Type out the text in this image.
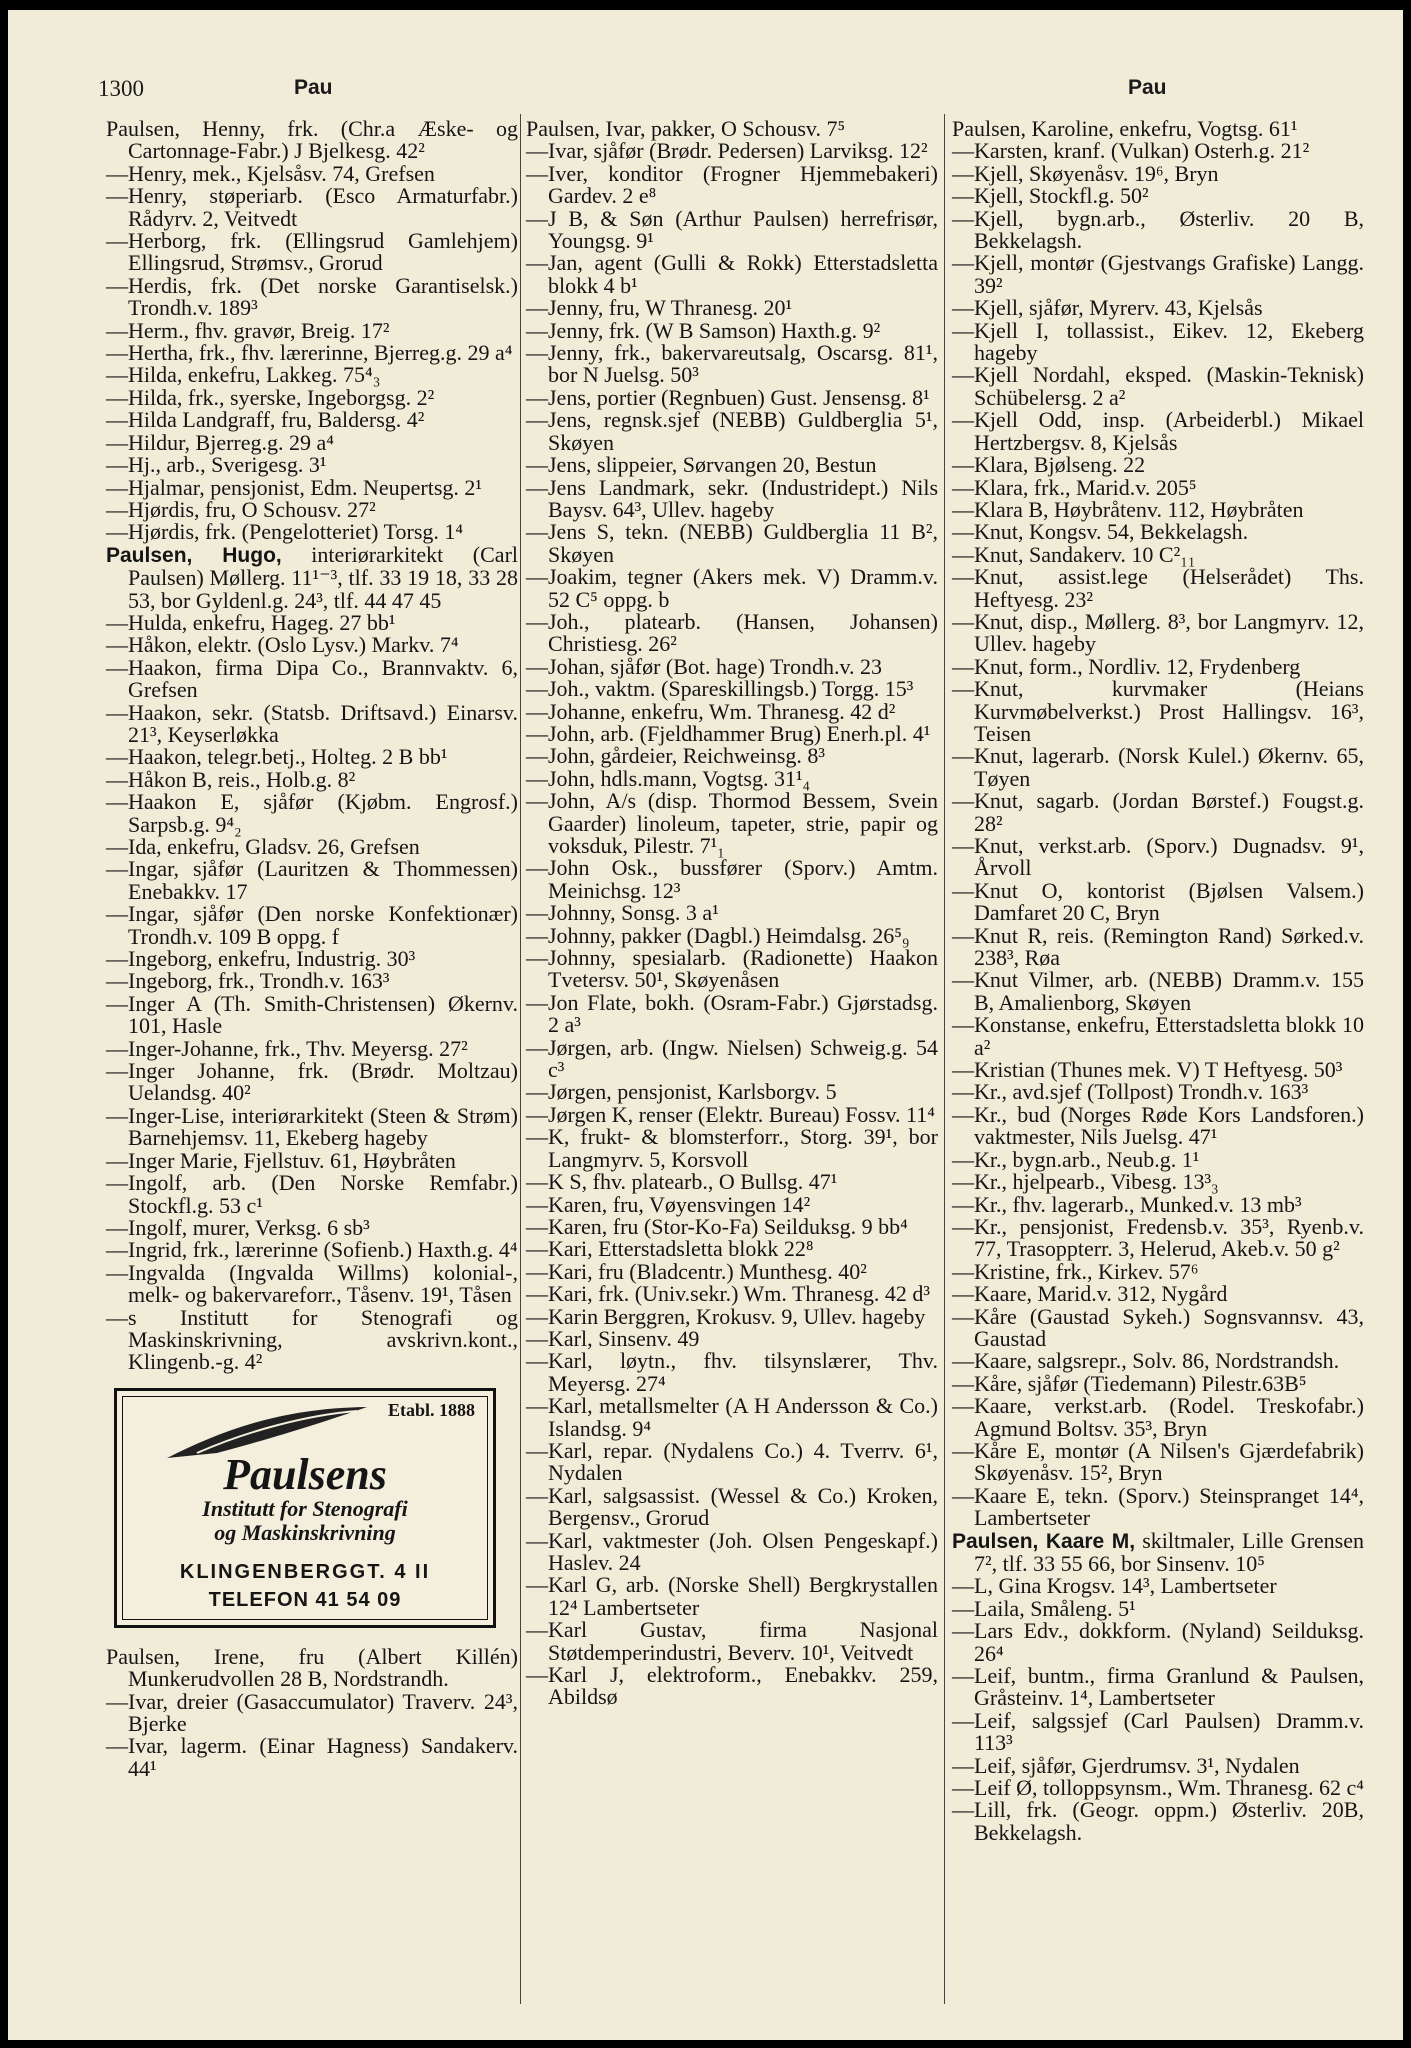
1300	Pau	Pau
Paulsen, Henny, frk. (Chr.a Æske- og Cartonnage-Fabr.) J Bjelkesg. 42²
—Henry, mek., Kjelsåsv. 74, Grefsen
—Henry, støperiarb. (Esco Armaturfabr.) Rådyrv. 2, Veitvedt
—Herborg, frk. (Ellingsrud Gamlehjem) Ellingsrud, Strømsv., Grorud
—Herdis, frk. (Det norske Garantiselsk.) Trondh.v. 189³
—Herm., fhv. gravør, Breig. 17²
—Hertha, frk., fhv. lærerinne, Bjerreg.g. 29 a⁴
—Hilda, enkefru, Lakkeg. 75⁴₃
—Hilda, frk., syerske, Ingeborgsg. 2²
—Hilda Landgraff, fru, Baldersg. 4²
—Hildur, Bjerreg.g. 29 a⁴
—Hj., arb., Sverigesg. 3¹
—Hjalmar, pensjonist, Edm. Neupertsg. 2¹
—Hjørdis, fru, O Schousv. 27²
—Hjørdis, frk. (Pengelotteriet) Torsg. 1⁴
Paulsen, Hugo, interiørarkitekt (Carl Paulsen) Møllerg. 11¹⁻³, tlf. 33 19 18, 33 28 53, bor Gyldenl.g. 24³, tlf. 44 47 45
—Hulda, enkefru, Hageg. 27 bb¹
—Håkon, elektr. (Oslo Lysv.) Markv. 7⁴
—Haakon, firma Dipa Co., Brannvaktv. 6, Grefsen
—Haakon, sekr. (Statsb. Driftsavd.) Einarsv. 21³, Keyserløkka
—Haakon, telegr.betj., Holteg. 2 B bb¹
—Håkon B, reis., Holb.g. 8²
—Haakon E, sjåfør (Kjøbm. Engrosf.) Sarpsb.g. 9⁴₂
—Ida, enkefru, Gladsv. 26, Grefsen
—Ingar, sjåfør (Lauritzen & Thommessen) Enebakkv. 17
—Ingar, sjåfør (Den norske Konfektionær) Trondh.v. 109 B oppg. f
—Ingeborg, enkefru, Industrig. 30³
—Ingeborg, frk., Trondh.v. 163³
—Inger A (Th. Smith-Christensen) Økernv. 101, Hasle
—Inger-Johanne, frk., Thv. Meyersg. 27²
—Inger Johanne, frk. (Brødr. Moltzau) Uelandsg. 40²
—Inger-Lise, interiørarkitekt (Steen & Strøm) Barnehjemsv. 11, Ekeberg hageby
—Inger Marie, Fjellstuv. 61, Høybråten
—Ingolf, arb. (Den Norske Remfabr.) Stockfl.g. 53 c¹
—Ingolf, murer, Verksg. 6 sb³
—Ingrid, frk., lærerinne (Sofienb.) Haxth.g. 4⁴
—Ingvalda (Ingvalda Willms) kolonial-, melk- og bakervareforr., Tåsenv. 19¹, Tåsen
—s Institutt for Stenografi og Maskinskrivning, avskrivn.kont., Klingenb.-g. 4²
Etabl. 1888
Paulsens
Institutt for Stenografi
og Maskinskrivning
KLINGENBERGGT. 4 II
TELEFON 41 54 09
Paulsen, Irene, fru (Albert Killén) Munkerudvollen 28 B, Nordstrandh.
—Ivar, dreier (Gasaccumulator) Traverv. 24³, Bjerke
—Ivar, lagerm. (Einar Hagness) Sandakerv. 44¹
Paulsen, Ivar, pakker, O Schousv. 7⁵
—Ivar, sjåfør (Brødr. Pedersen) Larviksg. 12²
—Iver, konditor (Frogner Hjemmebakeri) Gardev. 2 e⁸
—J B, & Søn (Arthur Paulsen) herrefrisør, Youngsg. 9¹
—Jan, agent (Gulli & Rokk) Etterstadsletta blokk 4 b¹
—Jenny, fru, W Thranesg. 20¹
—Jenny, frk. (W B Samson) Haxth.g. 9²
—Jenny, frk., bakervareutsalg, Oscarsg. 81¹, bor N Juelsg. 50³
—Jens, portier (Regnbuen) Gust. Jensensg. 8¹
—Jens, regnsk.sjef (NEBB) Guldberglia 5¹, Skøyen
—Jens, slippeier, Sørvangen 20, Bestun
—Jens Landmark, sekr. (Industridept.) Nils Baysv. 64³, Ullev. hageby
—Jens S, tekn. (NEBB) Guldberglia 11 B², Skøyen
—Joakim, tegner (Akers mek. V) Dramm.v. 52 C⁵ oppg. b
—Joh., platearb. (Hansen, Johansen) Christiesg. 26²
—Johan, sjåfør (Bot. hage) Trondh.v. 23
—Joh., vaktm. (Spareskillingsb.) Torgg. 15³
—Johanne, enkefru, Wm. Thranesg. 42 d²
—John, arb. (Fjeldhammer Brug) Enerh.pl. 4¹
—John, gårdeier, Reichweinsg. 8³
—John, hdls.mann, Vogtsg. 31¹₄
—John, A/s (disp. Thormod Bessem, Svein Gaarder) linoleum, tapeter, strie, papir og voksduk, Pilestr. 7¹₁
—John Osk., bussfører (Sporv.) Amtm. Meinichsg. 12³
—Johnny, Sonsg. 3 a¹
—Johnny, pakker (Dagbl.) Heimdalsg. 26⁵₉
—Johnny, spesialarb. (Radionette) Haakon Tvetersv. 50¹, Skøyenåsen
—Jon Flate, bokh. (Osram-Fabr.) Gjørstadsg. 2 a³
—Jørgen, arb. (Ingw. Nielsen) Schweig.g. 54 c³
—Jørgen, pensjonist, Karlsborgv. 5
—Jørgen K, renser (Elektr. Bureau) Fossv. 11⁴
—K, frukt- & blomsterforr., Storg. 39¹, bor Langmyrv. 5, Korsvoll
—K S, fhv. platearb., O Bullsg. 47¹
—Karen, fru, Vøyensvingen 14²
—Karen, fru (Stor-Ko-Fa) Seilduksg. 9 bb⁴
—Kari, Etterstadsletta blokk 22⁸
—Kari, fru (Bladcentr.) Munthesg. 40²
—Kari, frk. (Univ.sekr.) Wm. Thranesg. 42 d³
—Karin Berggren, Krokusv. 9, Ullev. hageby
—Karl, Sinsenv. 49
—Karl, løytn., fhv. tilsynslærer, Thv. Meyersg. 27⁴
—Karl, metallsmelter (A H Andersson & Co.) Islandsg. 9⁴
—Karl, repar. (Nydalens Co.) 4. Tverrv. 6¹, Nydalen
—Karl, salgsassist. (Wessel & Co.) Kroken, Bergensv., Grorud
—Karl, vaktmester (Joh. Olsen Pengeskapf.) Haslev. 24
—Karl G, arb. (Norske Shell) Bergkrystallen 12⁴ Lambertseter
—Karl Gustav, firma Nasjonal Støtdemperindustri, Beverv. 10¹, Veitvedt
—Karl J, elektroform., Enebakkv. 259, Abildsø
Paulsen, Karoline, enkefru, Vogtsg. 61¹
—Karsten, kranf. (Vulkan) Osterh.g. 21²
—Kjell, Skøyenåsv. 19⁶, Bryn
—Kjell, Stockfl.g. 50²
—Kjell, bygn.arb., Østerliv. 20 B, Bekkelagsh.
—Kjell, montør (Gjestvangs Grafiske) Langg. 39²
—Kjell, sjåfør, Myrerv. 43, Kjelsås
—Kjell I, tollassist., Eikev. 12, Ekeberg hageby
—Kjell Nordahl, eksped. (Maskin-Teknisk) Schübelersg. 2 a²
—Kjell Odd, insp. (Arbeiderbl.) Mikael Hertzbergsv. 8, Kjelsås
—Klara, Bjølseng. 22
—Klara, frk., Marid.v. 205⁵
—Klara B, Høybråtenv. 112, Høybråten
—Knut, Kongsv. 54, Bekkelagsh.
—Knut, Sandakerv. 10 C²₁₁
—Knut, assist.lege (Helserådet) Ths. Heftyesg. 23²
—Knut, disp., Møllerg. 8³, bor Langmyrv. 12, Ullev. hageby
—Knut, form., Nordliv. 12, Frydenberg
—Knut, kurvmaker (Heians Kurvmøbelverkst.) Prost Hallingsv. 16³, Teisen
—Knut, lagerarb. (Norsk Kulel.) Økernv. 65, Tøyen
—Knut, sagarb. (Jordan Børstef.) Fougst.g. 28²
—Knut, verkst.arb. (Sporv.) Dugnadsv. 9¹, Årvoll
—Knut O, kontorist (Bjølsen Valsem.) Damfaret 20 C, Bryn
—Knut R, reis. (Remington Rand) Sørked.v. 238³, Røa
—Knut Vilmer, arb. (NEBB) Dramm.v. 155 B, Amalienborg, Skøyen
—Konstanse, enkefru, Etterstadsletta blokk 10 a²
—Kristian (Thunes mek. V) T Heftyesg. 50³
—Kr., avd.sjef (Tollpost) Trondh.v. 163³
—Kr., bud (Norges Røde Kors Landsforen.) vaktmester, Nils Juelsg. 47¹
—Kr., bygn.arb., Neub.g. 1¹
—Kr., hjelpearb., Vibesg. 13³₃
—Kr., fhv. lagerarb., Munked.v. 13 mb³
—Kr., pensjonist, Fredensb.v. 35³, Ryenb.v. 77, Trasoppterr. 3, Helerud, Akeb.v. 50 g²
—Kristine, frk., Kirkev. 57⁶
—Kaare, Marid.v. 312, Nygård
—Kåre (Gaustad Sykeh.) Sognsvannsv. 43, Gaustad
—Kaare, salgsrepr., Solv. 86, Nordstrandsh.
—Kåre, sjåfør (Tiedemann) Pilestr.63B⁵
—Kaare, verkst.arb. (Rodel. Treskofabr.) Agmund Boltsv. 35³, Bryn
—Kåre E, montør (A Nilsen's Gjærdefabrik) Skøyenåsv. 15², Bryn
—Kaare E, tekn. (Sporv.) Steinspranget 14⁴, Lambertseter
Paulsen, Kaare M, skiltmaler, Lille Grensen 7², tlf. 33 55 66, bor Sinsenv. 10⁵
—L, Gina Krogsv. 14³, Lambertseter
—Laila, Småleng. 5¹
—Lars Edv., dokkform. (Nyland) Seilduksg. 26⁴
—Leif, buntm., firma Granlund & Paulsen, Gråsteinv. 1⁴, Lambertseter
—Leif, salgssjef (Carl Paulsen) Dramm.v. 113³
—Leif, sjåfør, Gjerdrumsv. 3¹, Nydalen
—Leif Ø, tolloppsynsm., Wm. Thranesg. 62 c⁴
—Lill, frk. (Geogr. oppm.) Østerliv. 20B, Bekkelagsh.
